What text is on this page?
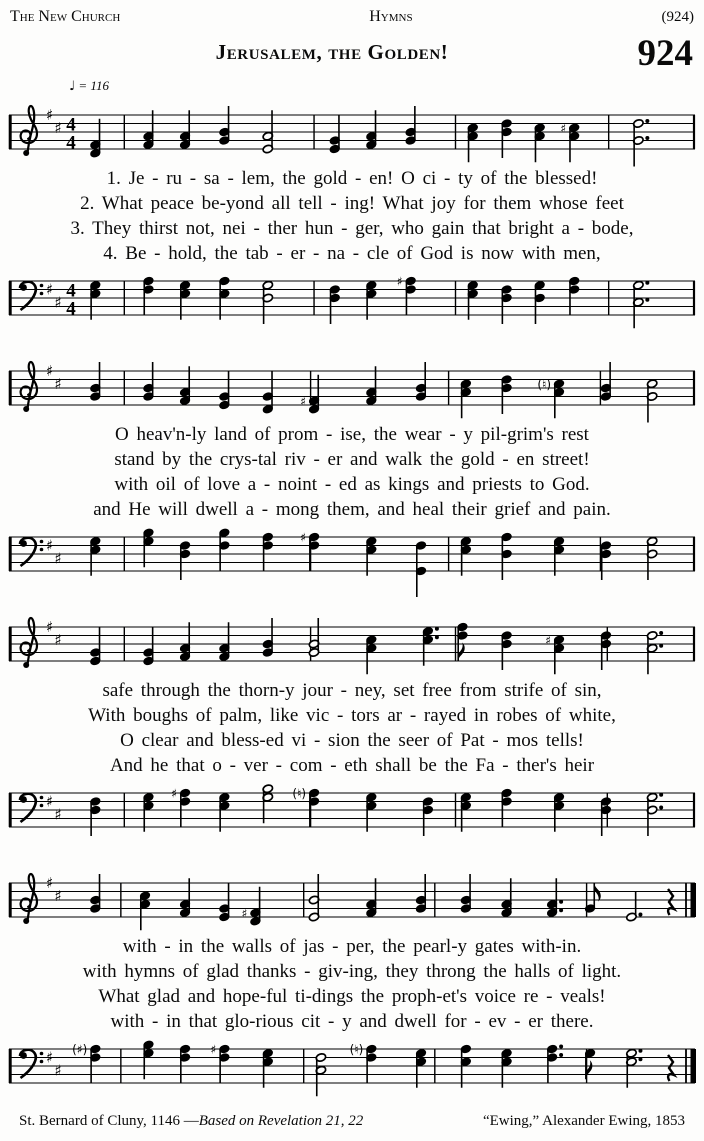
The New Church	Hymns	(924)
Jerusalem, the Golden!	924
♩ = 116
♯
♯ 4
4
♯
1. Je - ru - sa - lem, the gold - en! O ci - ty of the blessed!
2. What peace be-yond all tell - ing! What joy for them whose feet
3. They thirst not, nei - ther hun - ger, who gain that bright a - bode,
4. Be - hold, the tab - er - na - cle of God is now with men,
♯
♯
4
4
♯
♯
♯
♯
(♮)
O heav'n-ly land of prom - ise, the wear - y pil-grim's rest
stand by the crys-tal riv - er and walk the gold - en street!
with oil of love a - noint - ed as kings and priests to God.
and He will dwell a - mong them, and heal their grief and pain.
♯
♯
♯
♯
♯	♯
safe through the thorn-y jour - ney, set free from strife of sin,
With boughs of palm, like vic - tors ar - rayed in robes of white,
O clear and bless-ed vi - sion the seer of Pat - mos tells!
And he that o - ver - com - eth shall be the Fa - ther's heir
♯
♯
♯	(♮)
♯
♯
♯
with - in the walls of jas - per, the pearl-y gates with-in.
with hymns of glad thanks - giv-ing, they throng the halls of light.
What glad and hope-ful ti-dings the proph-et's voice re - veals!
with - in that glo-rious cit - y and dwell for - ev - er there.
♯
♯
(♯)	♯	(♮)
St. Bernard of Cluny, 1146 —Based on Revelation 21, 22	“Ewing,” Alexander Ewing, 1853
